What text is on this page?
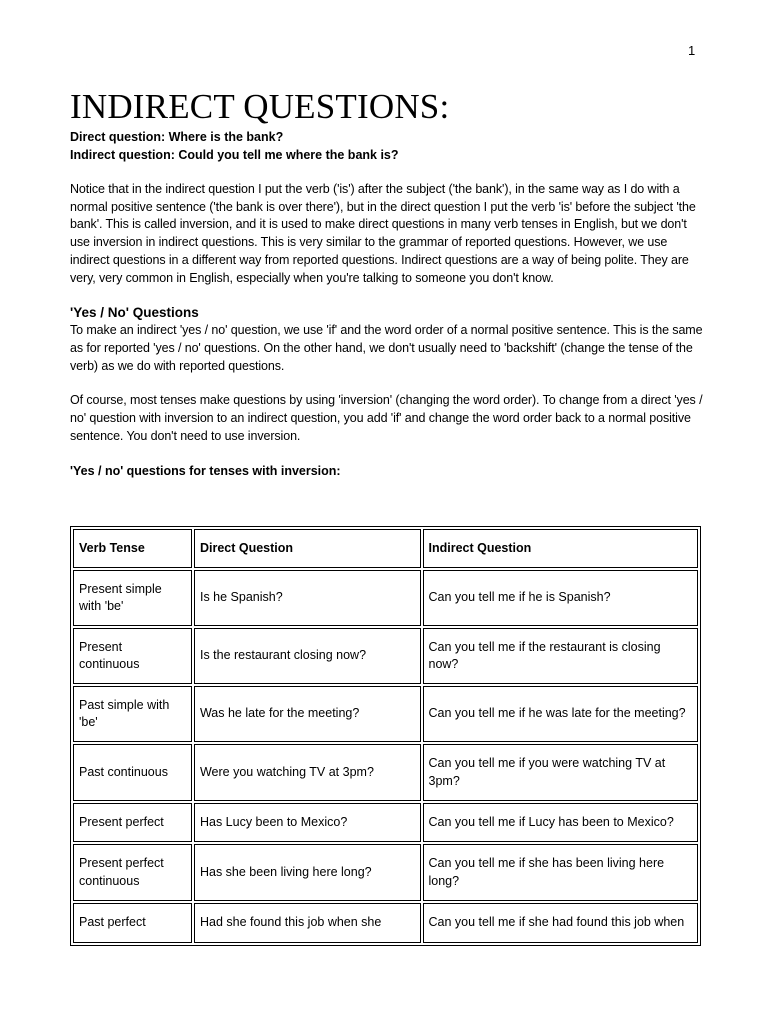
1
INDIRECT QUESTIONS:

Direct question: Where is the bank?

Indirect question: Could you tell me where the bank is?

Notice that in the indirect question I put the verb ('is') after the subject ('the bank'), in the same way as I do with a normal positive sentence ('the bank is over there'), but in the direct question I put the verb 'is' before the subject 'the bank'. This is called inversion, and it is used to make direct questions in many verb tenses in English, but we don't use inversion in indirect questions. This is very similar to the grammar of reported questions. However, we use indirect questions in a different way from reported questions. Indirect questions are a way of being polite. They are very, very common in English, especially when you're talking to someone you don't know.

'Yes / No' Questions

To make an indirect 'yes / no' question, we use 'if' and the word order of a normal positive sentence. This is the same as for reported 'yes / no' questions. On the other hand, we don't usually need to 'backshift' (change the tense of the verb) as we do with reported questions.

Of course, most tenses make questions by using 'inversion' (changing the word order). To change from a direct 'yes / no' question with inversion to an indirect question, you add 'if' and change the word order back to a normal positive sentence. You don't need to use inversion.

'Yes / no' questions for tenses with inversion:

Verb Tense	Direct Question	Indirect Question
Present simple with 'be'	Is he Spanish?	Can you tell me if he is Spanish?
Present continuous	Is the restaurant closing now?	Can you tell me if the restaurant is closing now?
Past simple with 'be'	Was he late for the meeting?	Can you tell me if he was late for the meeting?
Past continuous	Were you watching TV at 3pm?	Can you tell me if you were watching TV at 3pm?
Present perfect	Has Lucy been to Mexico?	Can you tell me if Lucy has been to Mexico?
Present perfect continuous	Has she been living here long?	Can you tell me if she has been living here long?
Past perfect	Had she found this job when she	Can you tell me if she had found this job when
